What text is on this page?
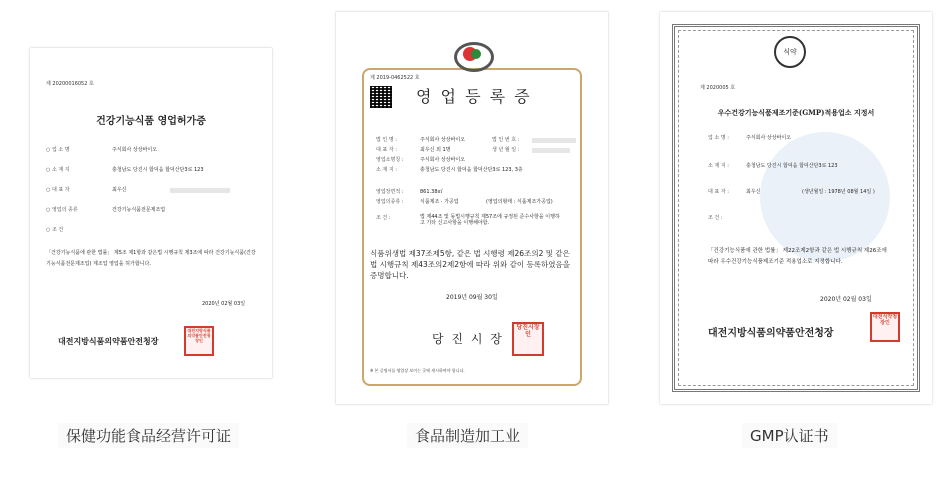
제 20200016052 호
건강기능식품 영업허가증
○ 업 소 명	주식회사 상상바이오
○ 소 재 지	충청남도 당진시 합덕읍 합덕산단3로 123
○ 대 표 자	최우신
○ 영업의 종류	건강기능식품전문제조업
○ 조 건
「건강기능식품에 관한 법률」 제5조 제1항과 같은법 시행규칙 제3조에 따라 건강기능식품(건강기능식품전문제조업) 제조업 영업을 허가합니다.
2020년 02월 03일
대전지방식품의약품안전청장
대전지방식품의약품안전청장인
제 2019-0462522 호
영 업 등 록 증
법 인 명 :	주식회사 상상바이오	법 인 번 호 :
대 표 자 :	최우신 외 1명	생 년 월 일 :
영업소명칭 :	주식회사 상상바이오
소 재 지 :	충청남도 당진시 합덕읍 합덕산단3로 123, 3층
영업장면적 :	861.38㎡
영업의종류 :	식품제조 · 가공업	(영업의형태 : 식품제조가공업)
조 건 :	법 제44조 및 동법시행규칙 제57조에 규정된 준수사항을 이행하고 기타 신고사항을 이행해야함.
식품위생법 제37조제5항, 같은 법 시행령 제26조의2 및 같은 법 시행규칙 제43조의2제2항에 따라 위와 같이 등록하였음을 증명합니다.
2019년 09월 30일
당 진 시 장
당진시장인
※ 본 증명서를 영업장 보이는 곳에 게시하여야 합니다.
식약
제 2020005 호
우수건강기능식품제조기준(GMP)적용업소 지정서
업 소 명 :	주식회사 상상바이오
소 재 지 :	충청남도 당진시 합덕읍 합덕산단3로 123
대 표 자 :	최우신	(생년월일 : 1978년 08월 14일 )
조 건 :
「건강기능식품에 관한 법률」 제22조제2항과 같은 법 시행규칙 제26조에 따라 우수건강기능식품제조기준 적용업소로 지정합니다.
2020년 02월 03일
대전지방식품의약품안전청장
대전식약청장인
保健功能食品经营许可证	食品制造加工业	GMP认证书
